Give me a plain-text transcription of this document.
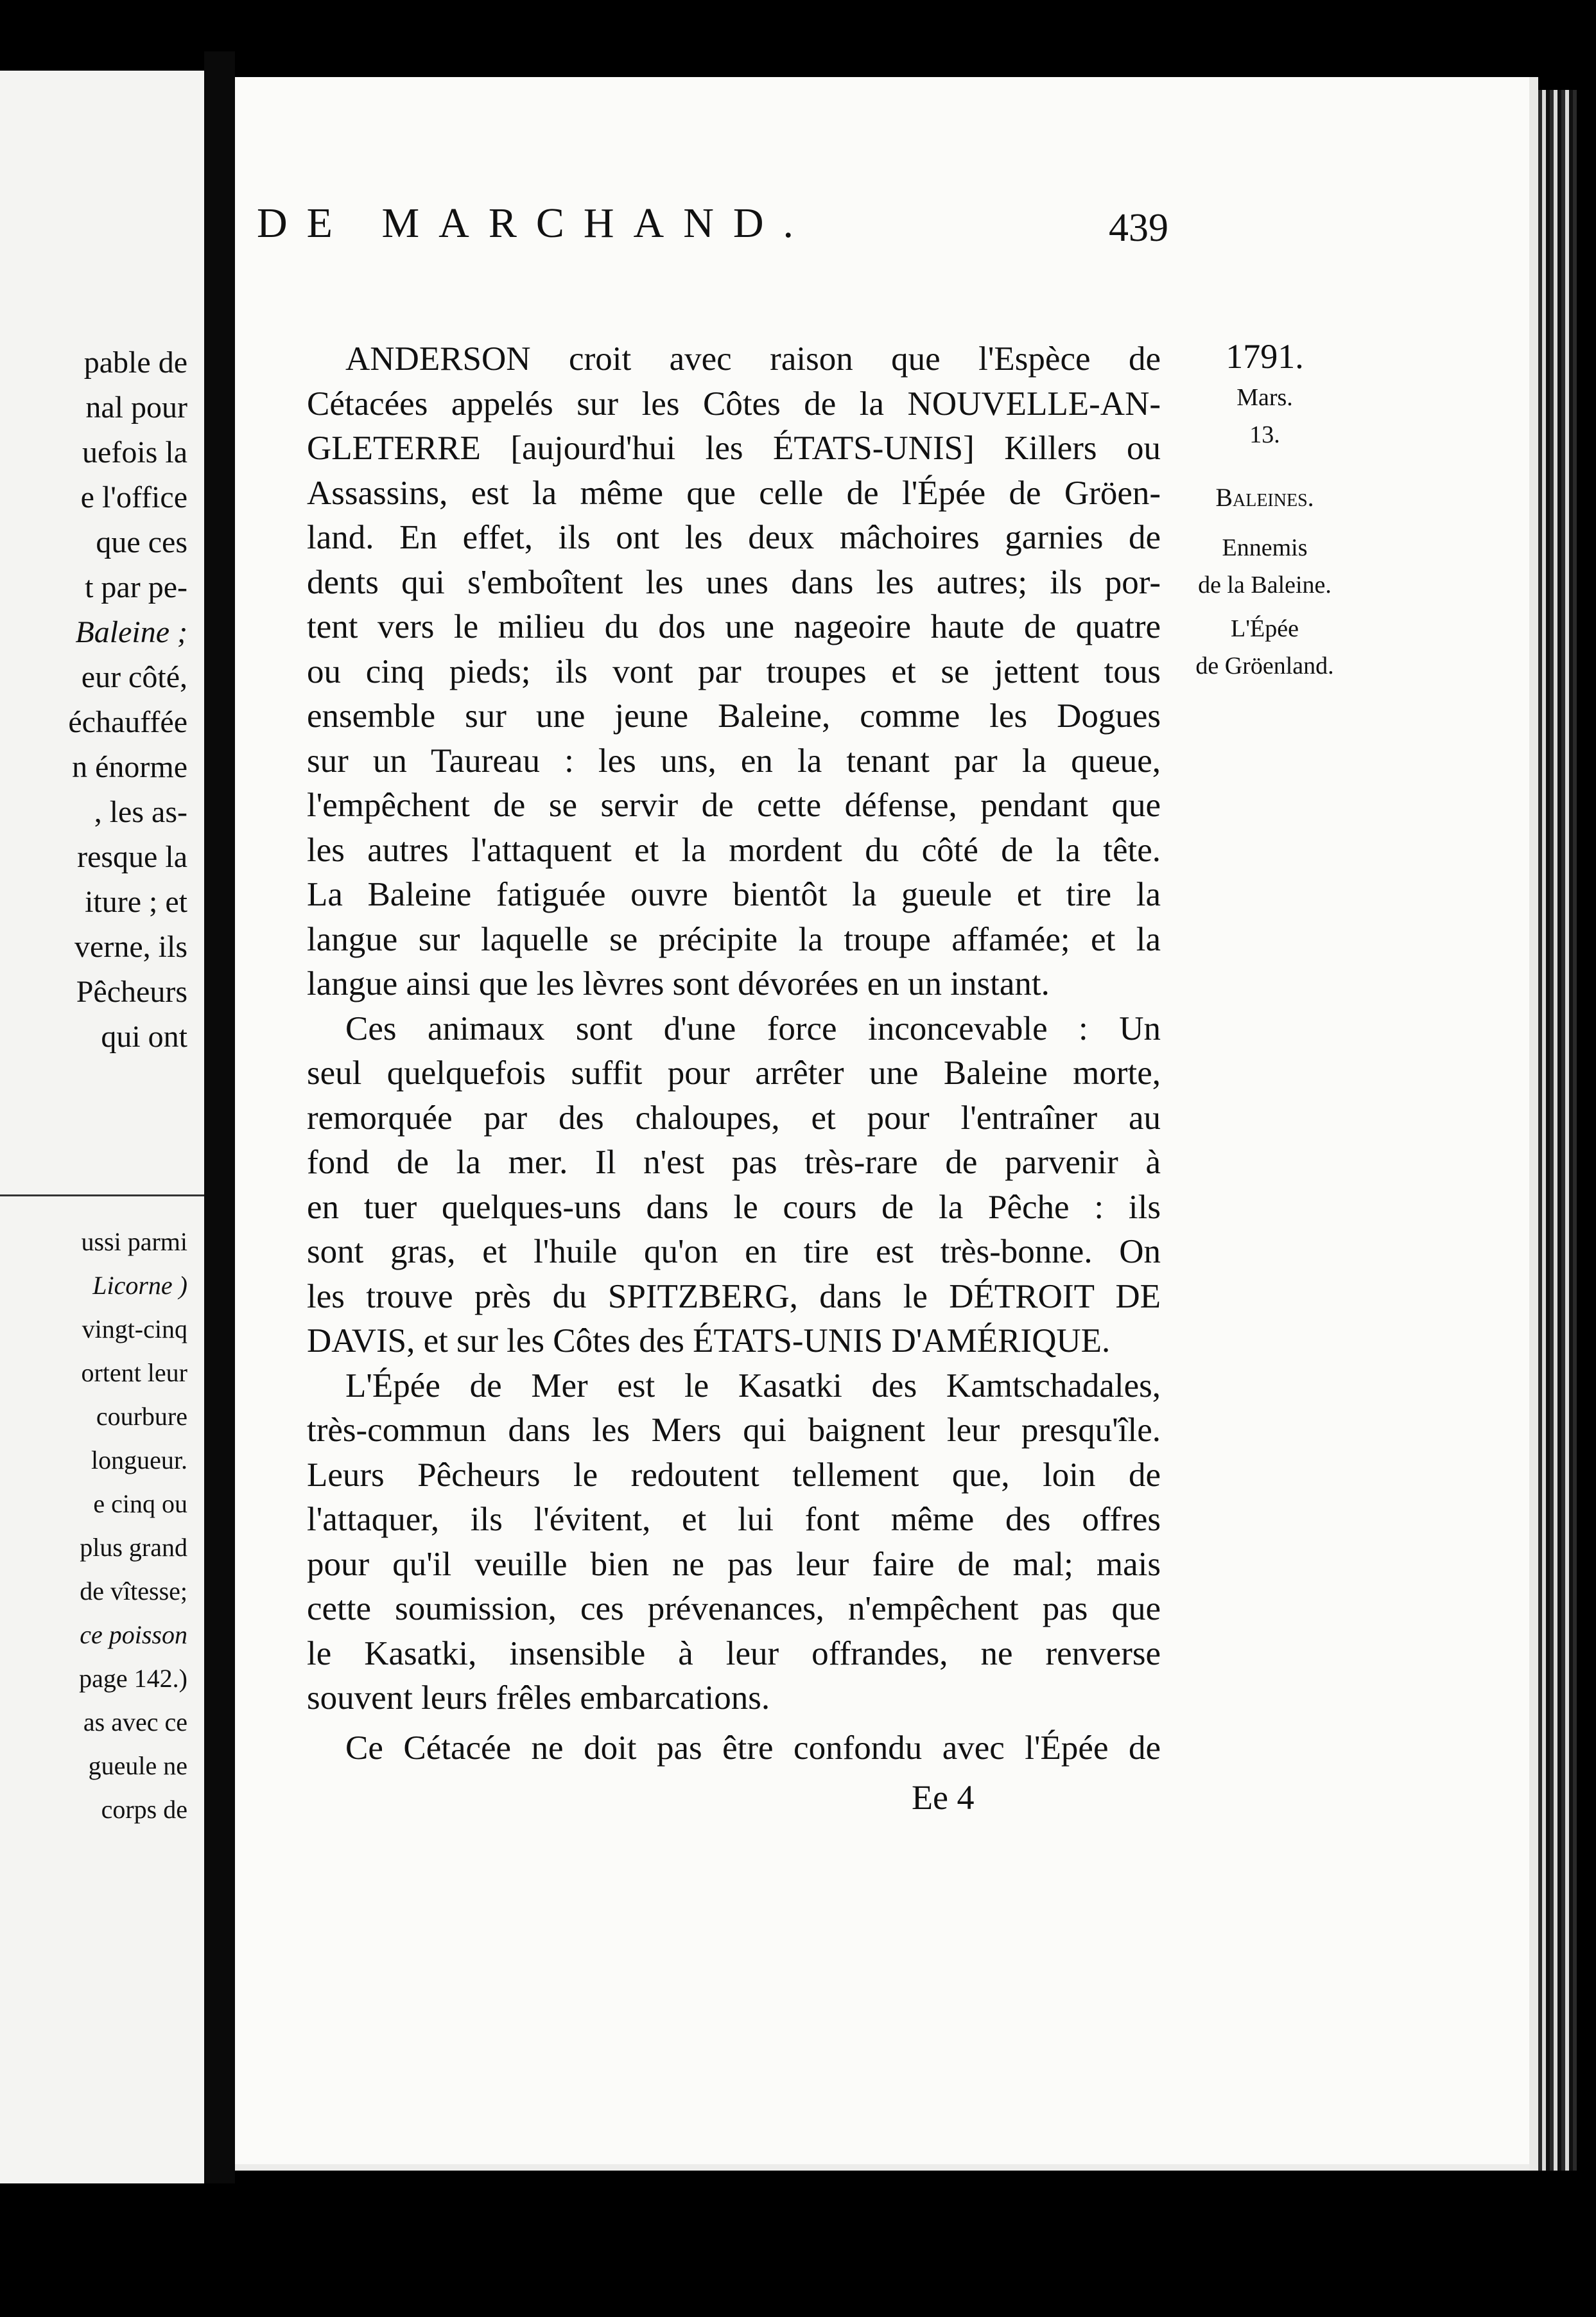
pable de
nal pour
uefois la
e l'office
que ces
t par pe-
Baleine ;
eur côté,
échauffée
n énorme
, les as-
resque la
iture ; et
verne, ils
Pêcheurs
qui ont
ussi parmi
Licorne )
vingt-cinq
ortent leur
courbure
longueur.
e cinq ou
plus grand
de vîtesse;
ce poisson
page 142.)
as avec ce
gueule ne
corps de
DE MARCHAND.	439
ANDERSON croit avec raison que l'Espèce de
Cétacées appelés sur les Côtes de la NOUVELLE-AN-
GLETERRE [aujourd'hui les ÉTATS-UNIS] Killers ou
Assassins, est la même que celle de l'Épée de Gröen-
land. En effet, ils ont les deux mâchoires garnies de
dents qui s'emboîtent les unes dans les autres; ils por-
tent vers le milieu du dos une nageoire haute de quatre
ou cinq pieds; ils vont par troupes et se jettent tous
ensemble sur une jeune Baleine, comme les Dogues
sur un Taureau : les uns, en la tenant par la queue,
l'empêchent de se servir de cette défense, pendant que
les autres l'attaquent et la mordent du côté de la tête.
La Baleine fatiguée ouvre bientôt la gueule et tire la
langue sur laquelle se précipite la troupe affamée; et la
langue ainsi que les lèvres sont dévorées en un instant.
Ces animaux sont d'une force inconcevable : Un
seul quelquefois suffit pour arrêter une Baleine morte,
remorquée par des chaloupes, et pour l'entraîner au
fond de la mer. Il n'est pas très-rare de parvenir à
en tuer quelques-uns dans le cours de la Pêche : ils
sont gras, et l'huile qu'on en tire est très-bonne. On
les trouve près du SPITZBERG, dans le DÉTROIT DE
DAVIS, et sur les Côtes des ÉTATS-UNIS D'AMÉRIQUE.
L'Épée de Mer est le Kasatki des Kamtschadales,
très-commun dans les Mers qui baignent leur presqu'île.
Leurs Pêcheurs le redoutent tellement que, loin de
l'attaquer, ils l'évitent, et lui font même des offres
pour qu'il veuille bien ne pas leur faire de mal; mais
cette soumission, ces prévenances, n'empêchent pas que
le Kasatki, insensible à leur offrandes, ne renverse
souvent leurs frêles embarcations.
Ce Cétacée ne doit pas être confondu avec l'Épée de
1791.
Mars.
13.
Baleines.
Ennemis
de la Baleine.
L'Épée
de Gröenland.
Ee 4
